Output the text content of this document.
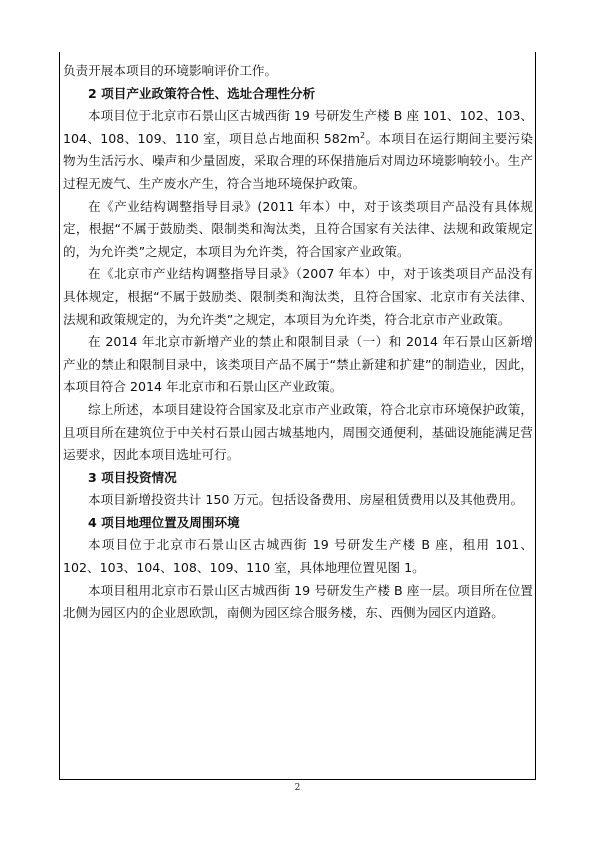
负责开展本项目的环境影响评价工作。

2 项目产业政策符合性、选址合理性分析

本项目位于北京市石景山区古城西街 19 号研发生产楼 B 座 101、102、103、104、108、109、110 室，项目总占地面积 $582m^2$。本项目在运行期间主要污染物为生活污水、噪声和少量固废，采取合理的环保措施后对周边环境影响较小。生产过程无废气、生产废水产生，符合当地环境保护政策。

在《产业结构调整指导目录》(2011 年本）中，对于该类项目产品没有具体规定，根据“不属于鼓励类、限制类和淘汰类，且符合国家有关法律、法规和政策规定的，为允许类”之规定，本项目为允许类，符合国家产业政策。

在《北京市产业结构调整指导目录》（2007 年本）中，对于该类项目产品没有具体规定，根据“不属于鼓励类、限制类和淘汰类，且符合国家、北京市有关法律、法规和政策规定的，为允许类”之规定，本项目为允许类，符合北京市产业政策。

在 2014 年北京市新增产业的禁止和限制目录（一）和 2014 年石景山区新增产业的禁止和限制目录中，该类项目产品不属于“禁止新建和扩建”的制造业，因此，本项目符合 2014 年北京市和石景山区产业政策。

综上所述，本项目建设符合国家及北京市产业政策，符合北京市环境保护政策，且项目所在建筑位于中关村石景山园古城基地内，周围交通便利，基础设施能满足营运要求，因此本项目选址可行。

3 项目投资情况

本项目新增投资共计 150 万元。包括设备费用、房屋租赁费用以及其他费用。

4 项目地理位置及周围环境

本项目位于北京市石景山区古城西街 19 号研发生产楼 B 座，租用 101、102、103、104、108、109、110 室，具体地理位置见图 1。

本项目租用北京市石景山区古城西街 19 号研发生产楼 B 座一层。项目所在位置北侧为园区内的企业恩欧凯，南侧为园区综合服务楼，东、西侧为园区内道路。

2
